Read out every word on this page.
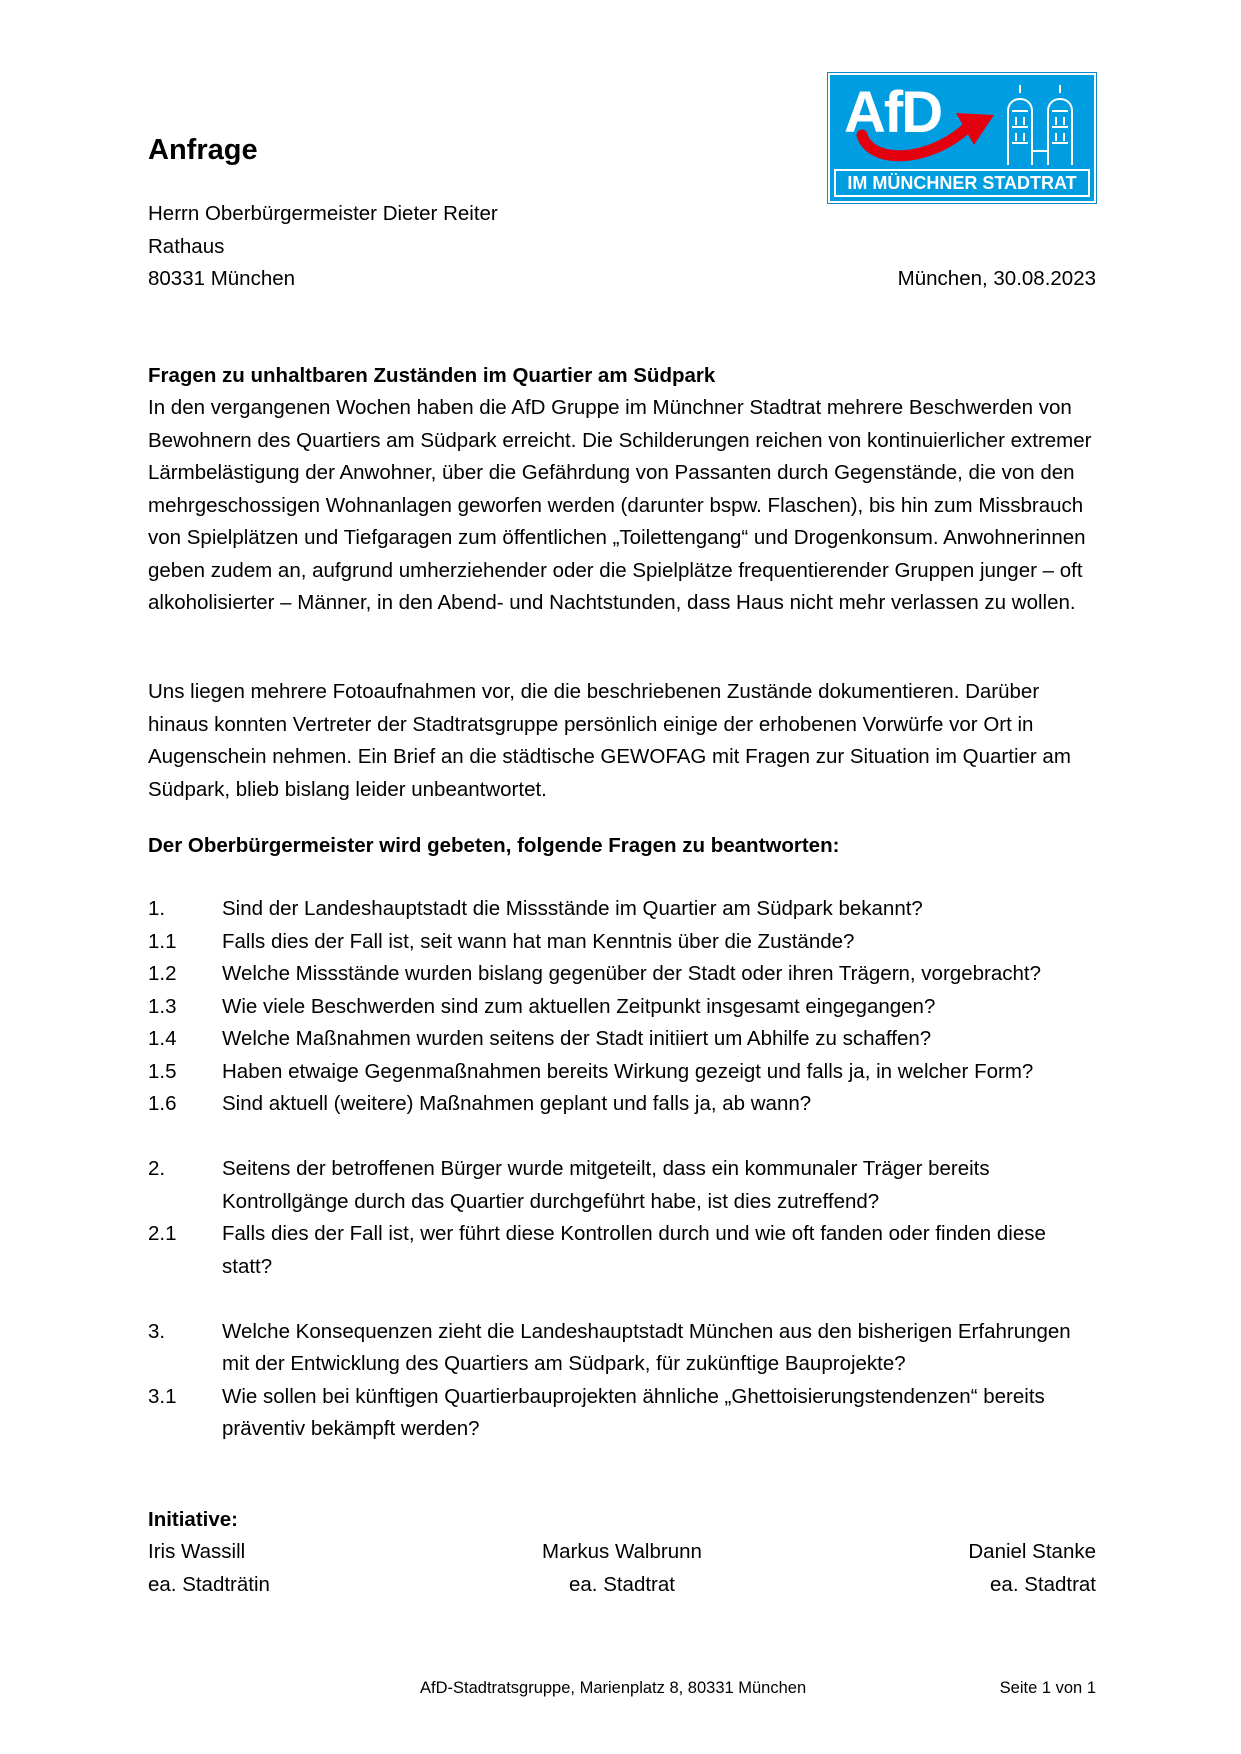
AfD
IM MÜNCHNER STADTRAT
Anfrage
Herrn Oberbürgermeister Dieter Reiter
Rathaus
80331 München	München, 30.08.2023
Fragen zu unhaltbaren Zuständen im Quartier am Südpark
In den vergangenen Wochen haben die AfD Gruppe im Münchner Stadtrat mehrere Beschwerden von Bewohnern des Quartiers am Südpark erreicht. Die Schilderungen reichen von kontinuierlicher extremer Lärmbelästigung der Anwohner, über die Gefährdung von Passanten durch Gegenstände, die von den mehrgeschossigen Wohnanlagen geworfen werden (darunter bspw. Flaschen), bis hin zum Missbrauch von Spielplätzen und Tiefgaragen zum öffentlichen „Toilettengang“ und Drogenkonsum. Anwohnerinnen geben zudem an, aufgrund umherziehender oder die Spielplätze frequentierender Gruppen junger – oft alkoholisierter – Männer, in den Abend- und Nachtstunden, dass Haus nicht mehr verlassen zu wollen.
Uns liegen mehrere Fotoaufnahmen vor, die die beschriebenen Zustände dokumentieren. Darüber hinaus konnten Vertreter der Stadtratsgruppe persönlich einige der erhobenen Vorwürfe vor Ort in Augenschein nehmen. Ein Brief an die städtische GEWOFAG mit Fragen zur Situation im Quartier am Südpark, blieb bislang leider unbeantwortet.
Der Oberbürgermeister wird gebeten, folgende Fragen zu beantworten:
1.	Sind der Landeshauptstadt die Missstände im Quartier am Südpark bekannt?
1.1	Falls dies der Fall ist, seit wann hat man Kenntnis über die Zustände?
1.2	Welche Missstände wurden bislang gegenüber der Stadt oder ihren Trägern, vorgebracht?
1.3	Wie viele Beschwerden sind zum aktuellen Zeitpunkt insgesamt eingegangen?
1.4	Welche Maßnahmen wurden seitens der Stadt initiiert um Abhilfe zu schaffen?
1.5	Haben etwaige Gegenmaßnahmen bereits Wirkung gezeigt und falls ja, in welcher Form?
1.6	Sind aktuell (weitere) Maßnahmen geplant und falls ja, ab wann?
2.	Seitens der betroffenen Bürger wurde mitgeteilt, dass ein kommunaler Träger bereits Kontrollgänge durch das Quartier durchgeführt habe, ist dies zutreffend?
2.1	Falls dies der Fall ist, wer führt diese Kontrollen durch und wie oft fanden oder finden diese statt?
3.	Welche Konsequenzen zieht die Landeshauptstadt München aus den bisherigen Erfahrungen mit der Entwicklung des Quartiers am Südpark, für zukünftige Bauprojekte?
3.1	Wie sollen bei künftigen Quartierbauprojekten ähnliche „Ghettoisierungstendenzen“ bereits präventiv bekämpft werden?
Initiative:
Iris Wassill
ea. Stadträtin
Markus Walbrunn
ea. Stadtrat
Daniel Stanke
ea. Stadtrat
AfD-Stadtratsgruppe, Marienplatz 8, 80331 München	Seite 1 von 1
